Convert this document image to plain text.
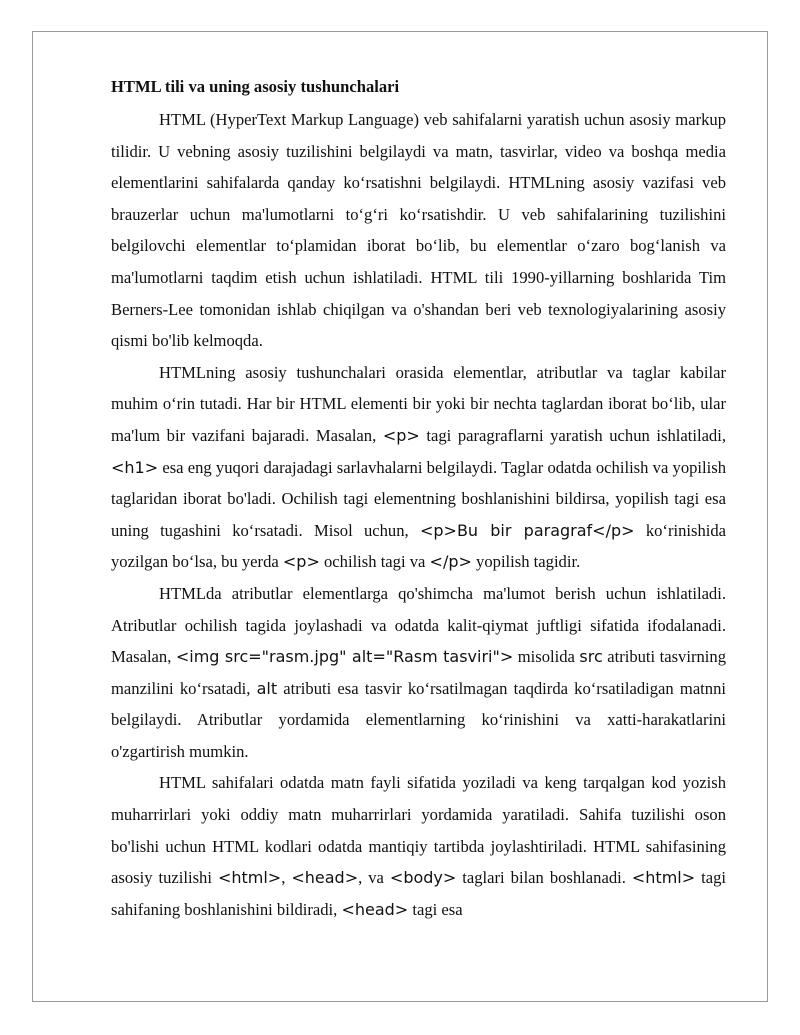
HTML tili va uning asosiy tushunchalari

HTML (HyperText Markup Language) veb sahifalarni yaratish uchun asosiy markup tilidir. U vebning asosiy tuzilishini belgilaydi va matn, tasvirlar, video va boshqa media elementlarini sahifalarda qanday ko‘rsatishni belgilaydi. HTMLning asosiy vazifasi veb brauzerlar uchun ma'lumotlarni to‘g‘ri ko‘rsatishdir. U veb sahifalarining tuzilishini belgilovchi elementlar to‘plamidan iborat bo‘lib, bu elementlar o‘zaro bog‘lanish va ma'lumotlarni taqdim etish uchun ishlatiladi. HTML tili 1990-yillarning boshlarida Tim Berners-Lee tomonidan ishlab chiqilgan va o'shandan beri veb texnologiyalarining asosiy qismi bo'lib kelmoqda.

HTMLning asosiy tushunchalari orasida elementlar, atributlar va taglar kabilar muhim o‘rin tutadi. Har bir HTML elementi bir yoki bir nechta taglardan iborat bo‘lib, ular ma'lum bir vazifani bajaradi. Masalan, <p> tagi paragraflarni yaratish uchun ishlatiladi, <h1> esa eng yuqori darajadagi sarlavhalarni belgilaydi. Taglar odatda ochilish va yopilish taglaridan iborat bo'ladi. Ochilish tagi elementning boshlanishini bildirsa, yopilish tagi esa uning tugashini ko‘rsatadi. Misol uchun, <p>Bu bir paragraf</p> ko‘rinishida yozilgan bo‘lsa, bu yerda <p> ochilish tagi va </p> yopilish tagidir.

HTMLda atributlar elementlarga qo'shimcha ma'lumot berish uchun ishlatiladi. Atributlar ochilish tagida joylashadi va odatda kalit-qiymat juftligi sifatida ifodalanadi. Masalan, <img src="rasm.jpg" alt="Rasm tasviri"> misolida src atributi tasvirning manzilini ko‘rsatadi, alt atributi esa tasvir ko‘rsatilmagan taqdirda ko‘rsatiladigan matnni belgilaydi. Atributlar yordamida elementlarning ko‘rinishini va xatti-harakatlarini o'zgartirish mumkin.

HTML sahifalari odatda matn fayli sifatida yoziladi va keng tarqalgan kod yozish muharrirlari yoki oddiy matn muharrirlari yordamida yaratiladi. Sahifa tuzilishi oson bo'lishi uchun HTML kodlari odatda mantiqiy tartibda joylashtiriladi. HTML sahifasining asosiy tuzilishi <html>, <head>, va <body> taglari bilan boshlanadi. <html> tagi sahifaning boshlanishini bildiradi, <head> tagi esa
